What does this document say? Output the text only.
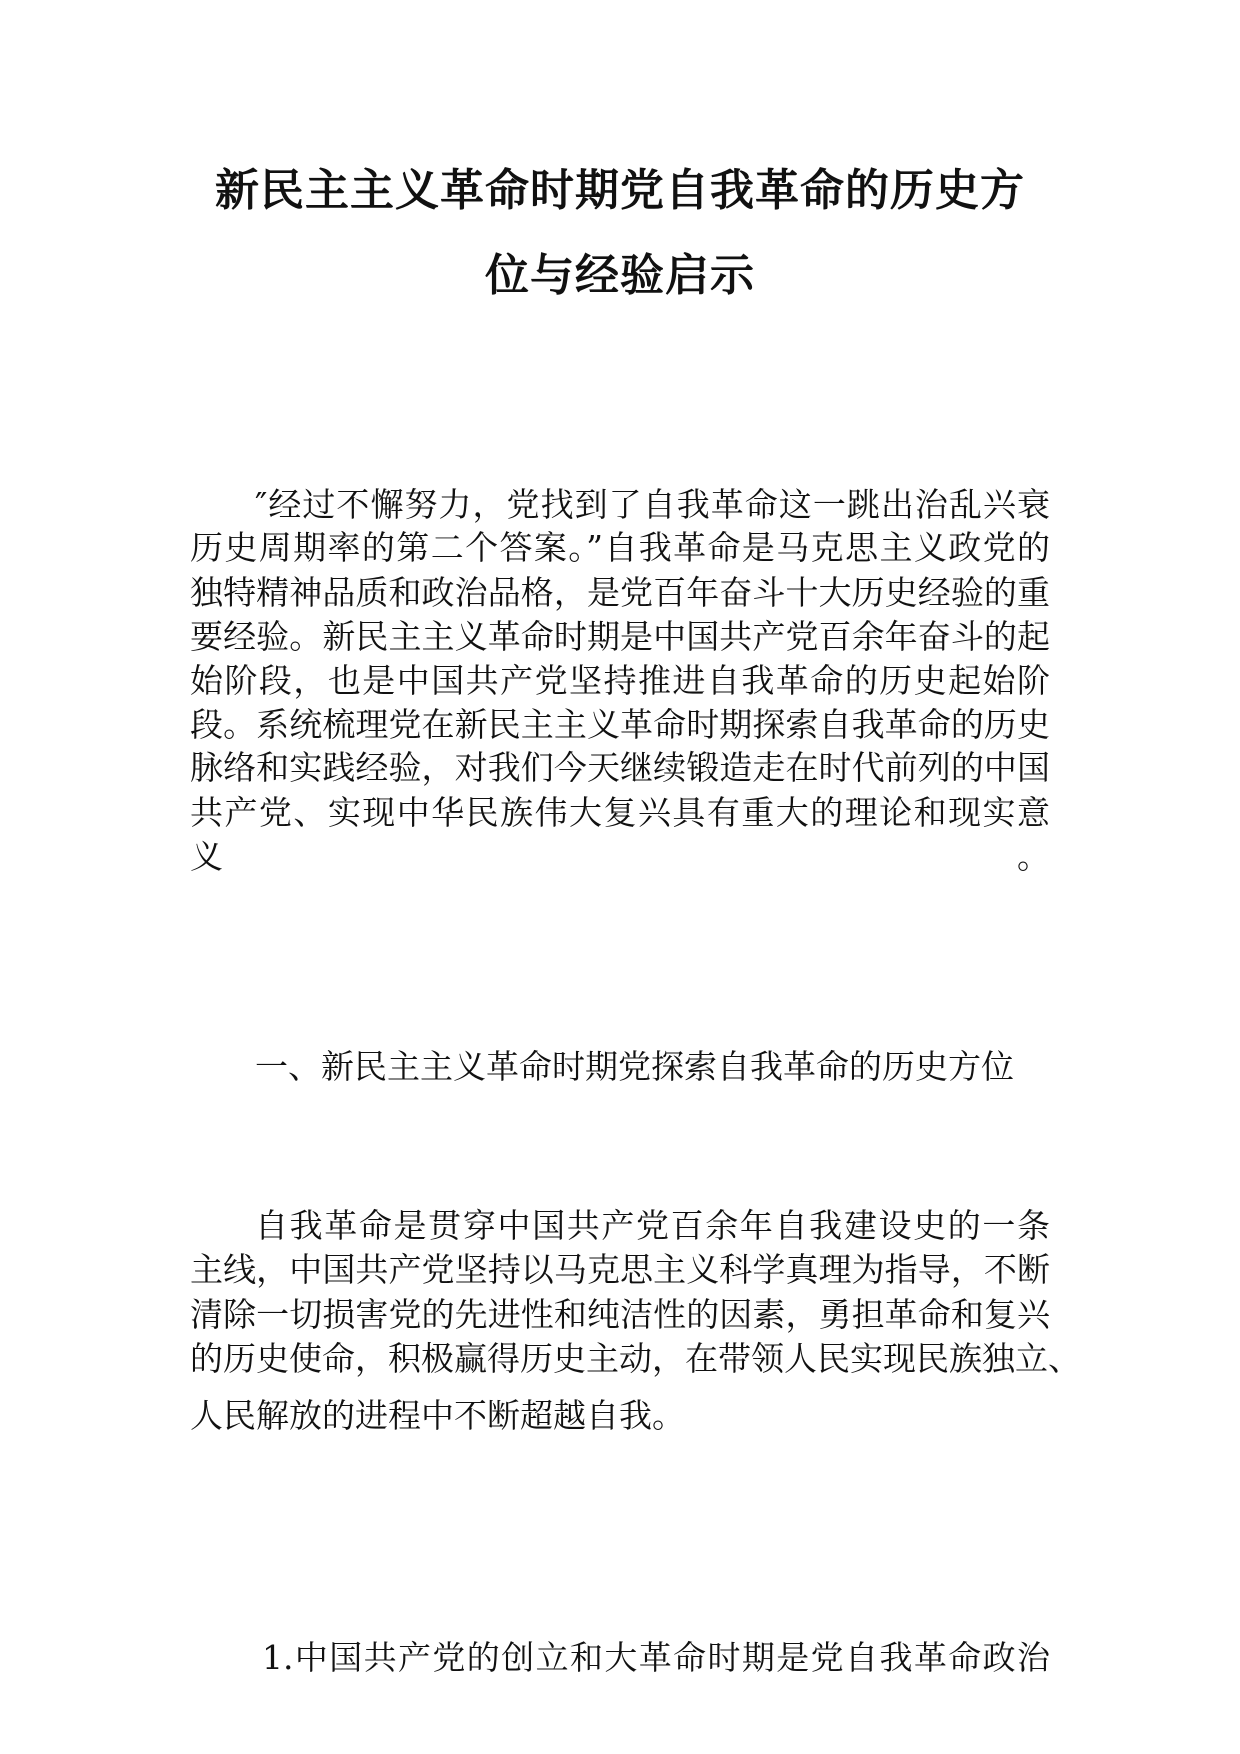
新民主主义革命时期党自我革命的历史方
位与经验启示
″经过不懈努力，党找到了自我革命这一跳出治乱兴衰
历史周期率的第二个答案。”自我革命是马克思主义政党的
独特精神品质和政治品格，是党百年奋斗十大历史经验的重
要经验。新民主主义革命时期是中国共产党百余年奋斗的起
始阶段，也是中国共产党坚持推进自我革命的历史起始阶
段。系统梳理党在新民主主义革命时期探索自我革命的历史
脉络和实践经验，对我们今天继续锻造走在时代前列的中国
共产党、实现中华民族伟大复兴具有重大的理论和现实意
义。
一、新民主主义革命时期党探索自我革命的历史方位
自我革命是贯穿中国共产党百余年自我建设史的一条
主线，中国共产党坚持以马克思主义科学真理为指导，不断
清除一切损害党的先进性和纯洁性的因素，勇担革命和复兴
的历史使命，积极赢得历史主动，在带领人民实现民族独立、
人民解放的进程中不断超越自我。
1.中国共产党的创立和大革命时期是党自我革命政治
